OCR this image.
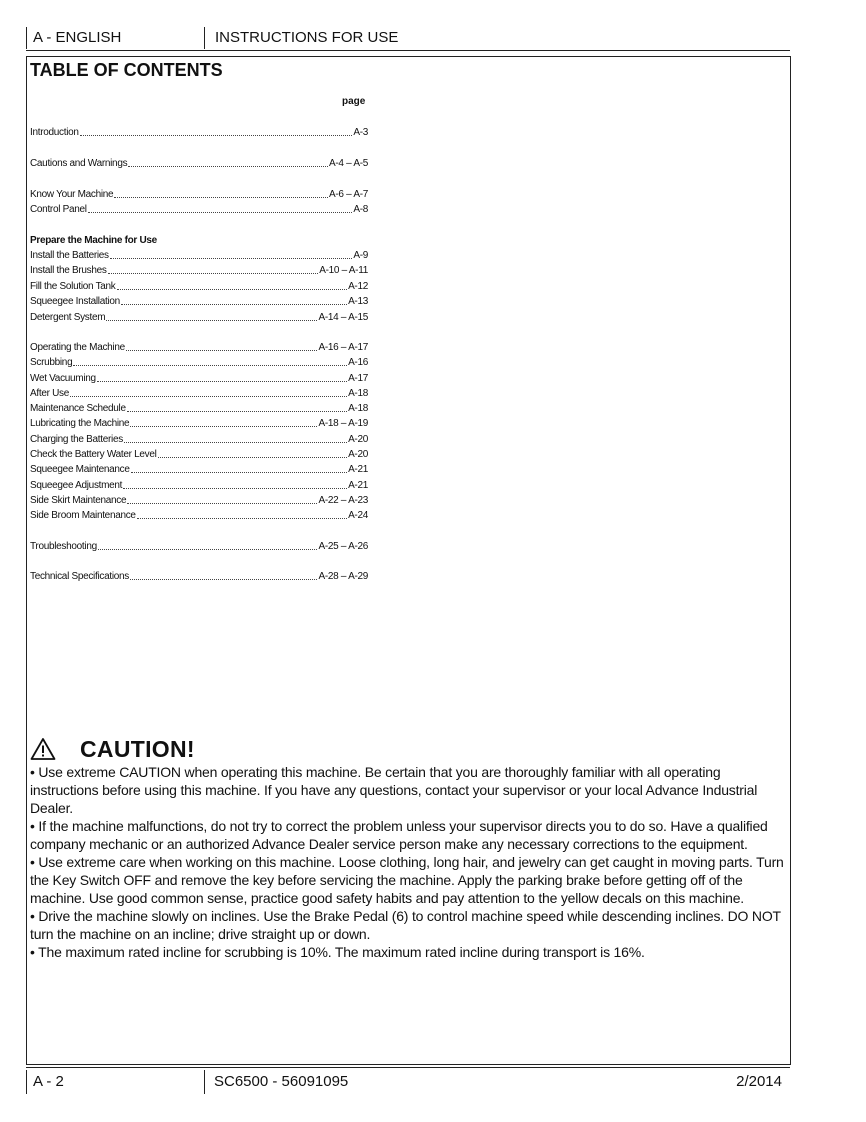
A - ENGLISH	INSTRUCTIONS FOR USE
TABLE OF CONTENTS
page
Introduction	A-3
Cautions and Warnings	A-4 – A-5
Know Your Machine	A-6 – A-7
Control Panel	A-8
Prepare the Machine for Use
Install the Batteries	A-9
Install the Brushes	A-10 – A-11
Fill the Solution Tank	A-12
Squeegee Installation	A-13
Detergent System	A-14 – A-15
Operating the Machine	A-16 – A-17
Scrubbing	A-16
Wet Vacuuming	A-17
After Use	A-18
Maintenance Schedule	A-18
Lubricating the Machine	A-18 – A-19
Charging the Batteries	A-20
Check the Battery Water Level	A-20
Squeegee Maintenance	A-21
Squeegee Adjustment	A-21
Side Skirt Maintenance	A-22 – A-23
Side Broom Maintenance	A-24
Troubleshooting	A-25 – A-26
Technical Specifications	A-28 – A-29
CAUTION!

• Use extreme CAUTION when operating this machine. Be certain that you are thoroughly familiar with all operating instructions before using this machine. If you have any questions, contact your supervisor or your local Advance Industrial Dealer.

• If the machine malfunctions, do not try to correct the problem unless your supervisor directs you to do so. Have a qualified company mechanic or an authorized Advance Dealer service person make any necessary corrections to the equipment.

• Use extreme care when working on this machine. Loose clothing, long hair, and jewelry can get caught in moving parts. Turn the Key Switch OFF and remove the key before servicing the machine. Apply the parking brake before getting off of the machine. Use good common sense, practice good safety habits and pay attention to the yellow decals on this machine.

• Drive the machine slowly on inclines. Use the Brake Pedal (6) to control machine speed while descending inclines. DO NOT turn the machine on an incline; drive straight up or down.

• The maximum rated incline for scrubbing is 10%. The maximum rated incline during transport is 16%.

A - 2	SC6500 - 56091095	2/2014
